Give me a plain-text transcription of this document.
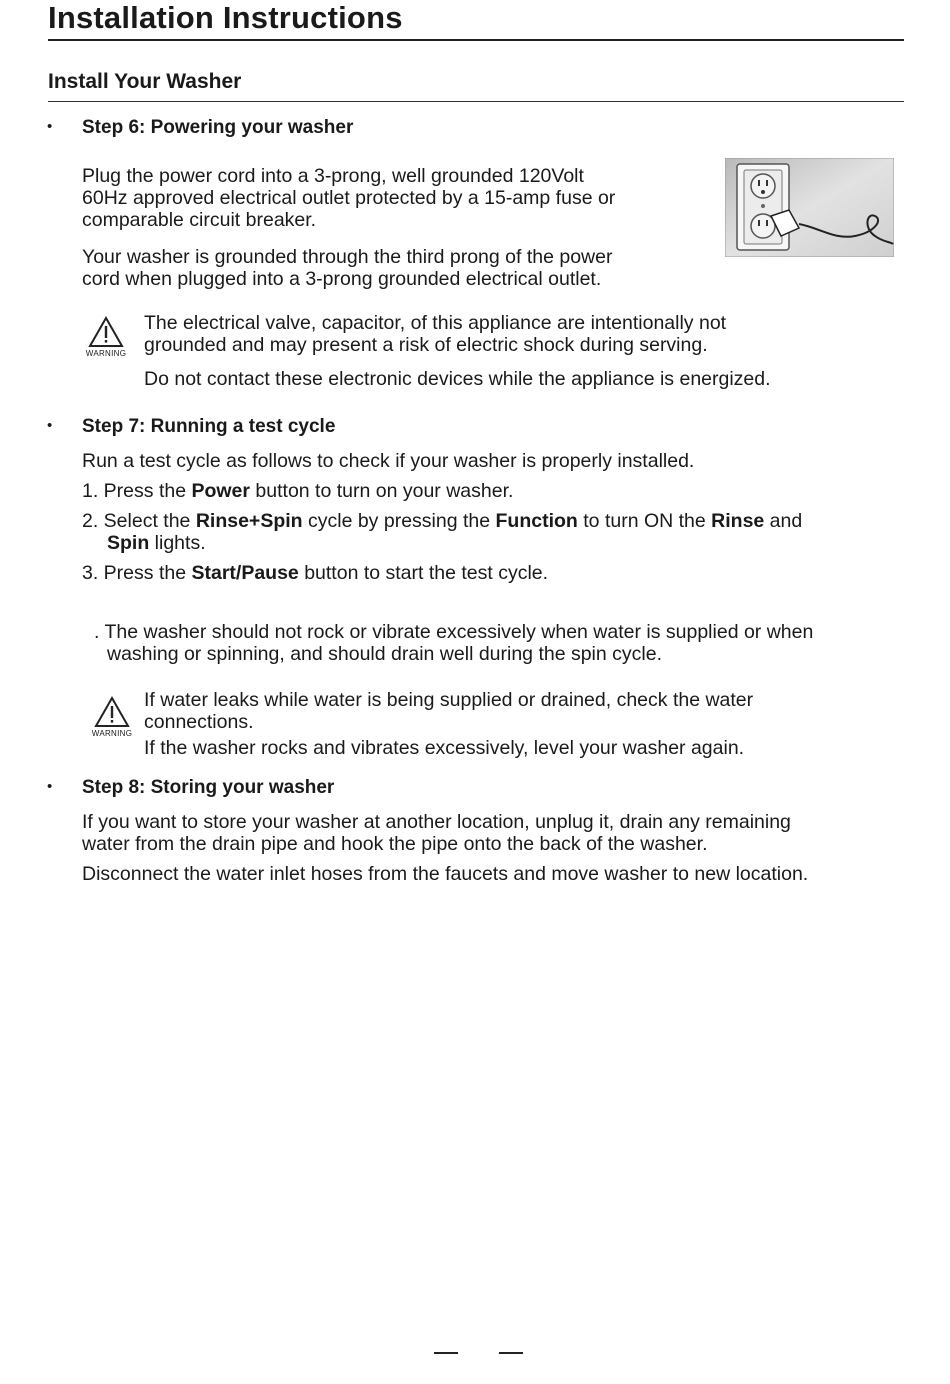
Installation Instructions
Install Your Washer
• Step 6: Powering your washer
Plug the power cord into a 3-prong, well grounded 120Volt
60Hz approved electrical outlet protected by a 15-amp fuse or
comparable circuit breaker.
Your washer is grounded through the third prong of the power
cord when plugged into a 3-prong grounded electrical outlet.
WARNING
The electrical valve, capacitor, of this appliance are intentionally not
grounded and may present a risk of electric shock during serving.
Do not contact these electronic devices while the appliance is energized.
• Step 7: Running a test cycle
Run a test cycle as follows to check if your washer is properly installed.
1. Press the Power button to turn on your washer.
2. Select the Rinse+Spin cycle by pressing the Function to turn ON the Rinse and
Spin lights.
3. Press the Start/Pause button to start the test cycle.
. The washer should not rock or vibrate excessively when water is supplied or when
washing or spinning, and should drain well during the spin cycle.
WARNING
If water leaks while water is being supplied or drained, check the water
connections.
If the washer rocks and vibrates excessively, level your washer again.
• Step 8: Storing your washer
If you want to store your washer at another location, unplug it, drain any remaining
water from the drain pipe and hook the pipe onto the back of the washer.
Disconnect the water inlet hoses from the faucets and move washer to new location.
